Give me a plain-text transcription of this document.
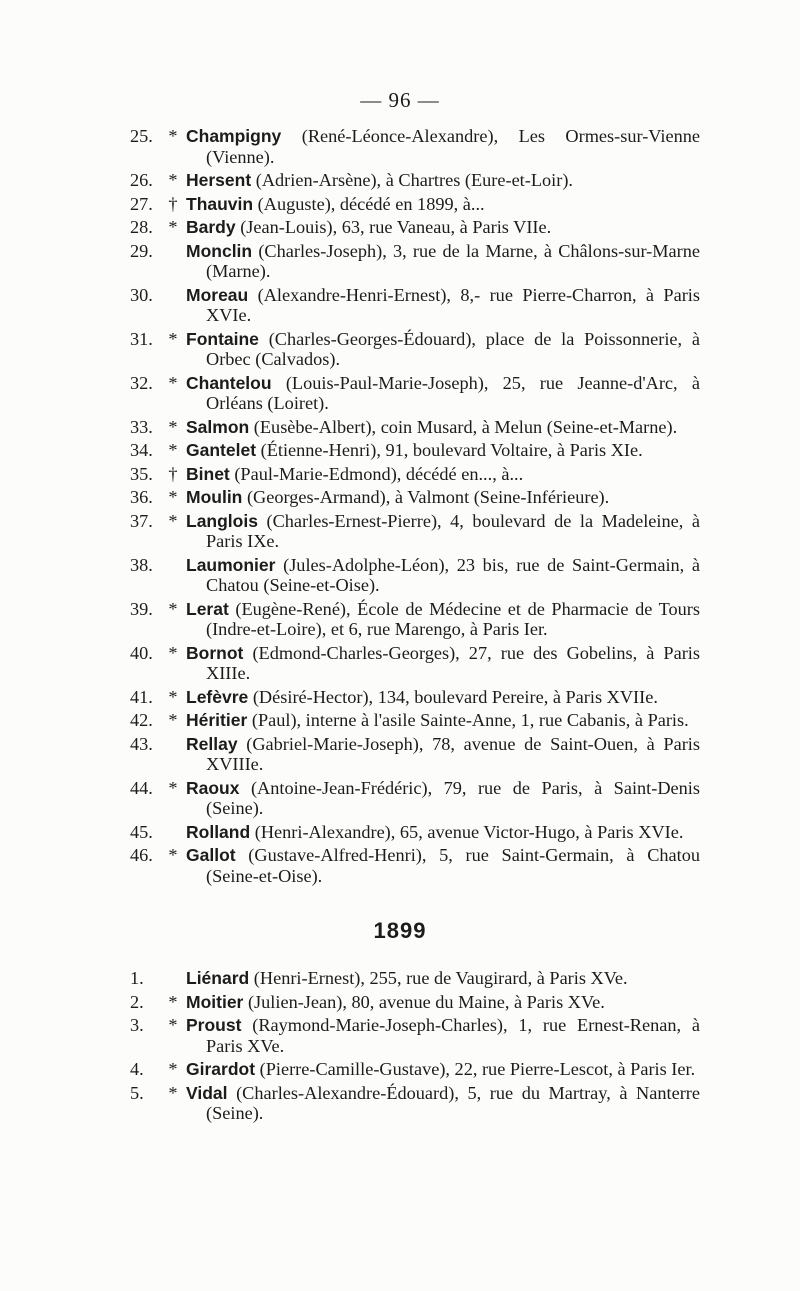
— 96 —
25. * Champigny (René-Léonce-Alexandre), Les Ormes-sur-Vienne (Vienne).
26. * Hersent (Adrien-Arsène), à Chartres (Eure-et-Loir).
27. † Thauvin (Auguste), décédé en 1899, à...
28. * Bardy (Jean-Louis), 63, rue Vaneau, à Paris VIIe.
29.	Monclin (Charles-Joseph), 3, rue de la Marne, à Châlons-sur-Marne (Marne).
30.	Moreau (Alexandre-Henri-Ernest), 8,- rue Pierre-Charron, à Paris XVIe.
31. * Fontaine (Charles-Georges-Édouard), place de la Poissonnerie, à Orbec (Calvados).
32. * Chantelou (Louis-Paul-Marie-Joseph), 25, rue Jeanne-d'Arc, à Orléans (Loiret).
33. * Salmon (Eusèbe-Albert), coin Musard, à Melun (Seine-et-Marne).
34. * Gantelet (Étienne-Henri), 91, boulevard Voltaire, à Paris XIe.
35. † Binet (Paul-Marie-Edmond), décédé en..., à...
36. * Moulin (Georges-Armand), à Valmont (Seine-Inférieure).
37. * Langlois (Charles-Ernest-Pierre), 4, boulevard de la Madeleine, à Paris IXe.
38.	Laumonier (Jules-Adolphe-Léon), 23 bis, rue de Saint-Germain, à Chatou (Seine-et-Oise).
39. * Lerat (Eugène-René), École de Médecine et de Pharmacie de Tours (Indre-et-Loire), et 6, rue Marengo, à Paris Ier.
40. * Bornot (Edmond-Charles-Georges), 27, rue des Gobelins, à Paris XIIIe.
41. * Lefèvre (Désiré-Hector), 134, boulevard Pereire, à Paris XVIIe.
42. * Héritier (Paul), interne à l'asile Sainte-Anne, 1, rue Cabanis, à Paris.
43.	Rellay (Gabriel-Marie-Joseph), 78, avenue de Saint-Ouen, à Paris XVIIIe.
44. * Raoux (Antoine-Jean-Frédéric), 79, rue de Paris, à Saint-Denis (Seine).
45.	Rolland (Henri-Alexandre), 65, avenue Victor-Hugo, à Paris XVIe.
46. * Gallot (Gustave-Alfred-Henri), 5, rue Saint-Germain, à Chatou (Seine-et-Oise).
1899
1.	Liénard (Henri-Ernest), 255, rue de Vaugirard, à Paris XVe.
2.	* Moitier (Julien-Jean), 80, avenue du Maine, à Paris XVe.
3.	* Proust (Raymond-Marie-Joseph-Charles), 1, rue Ernest-Renan, à Paris XVe.
4.	* Girardot (Pierre-Camille-Gustave), 22, rue Pierre-Lescot, à Paris Ier.
5.	* Vidal (Charles-Alexandre-Édouard), 5, rue du Martray, à Nanterre (Seine).
